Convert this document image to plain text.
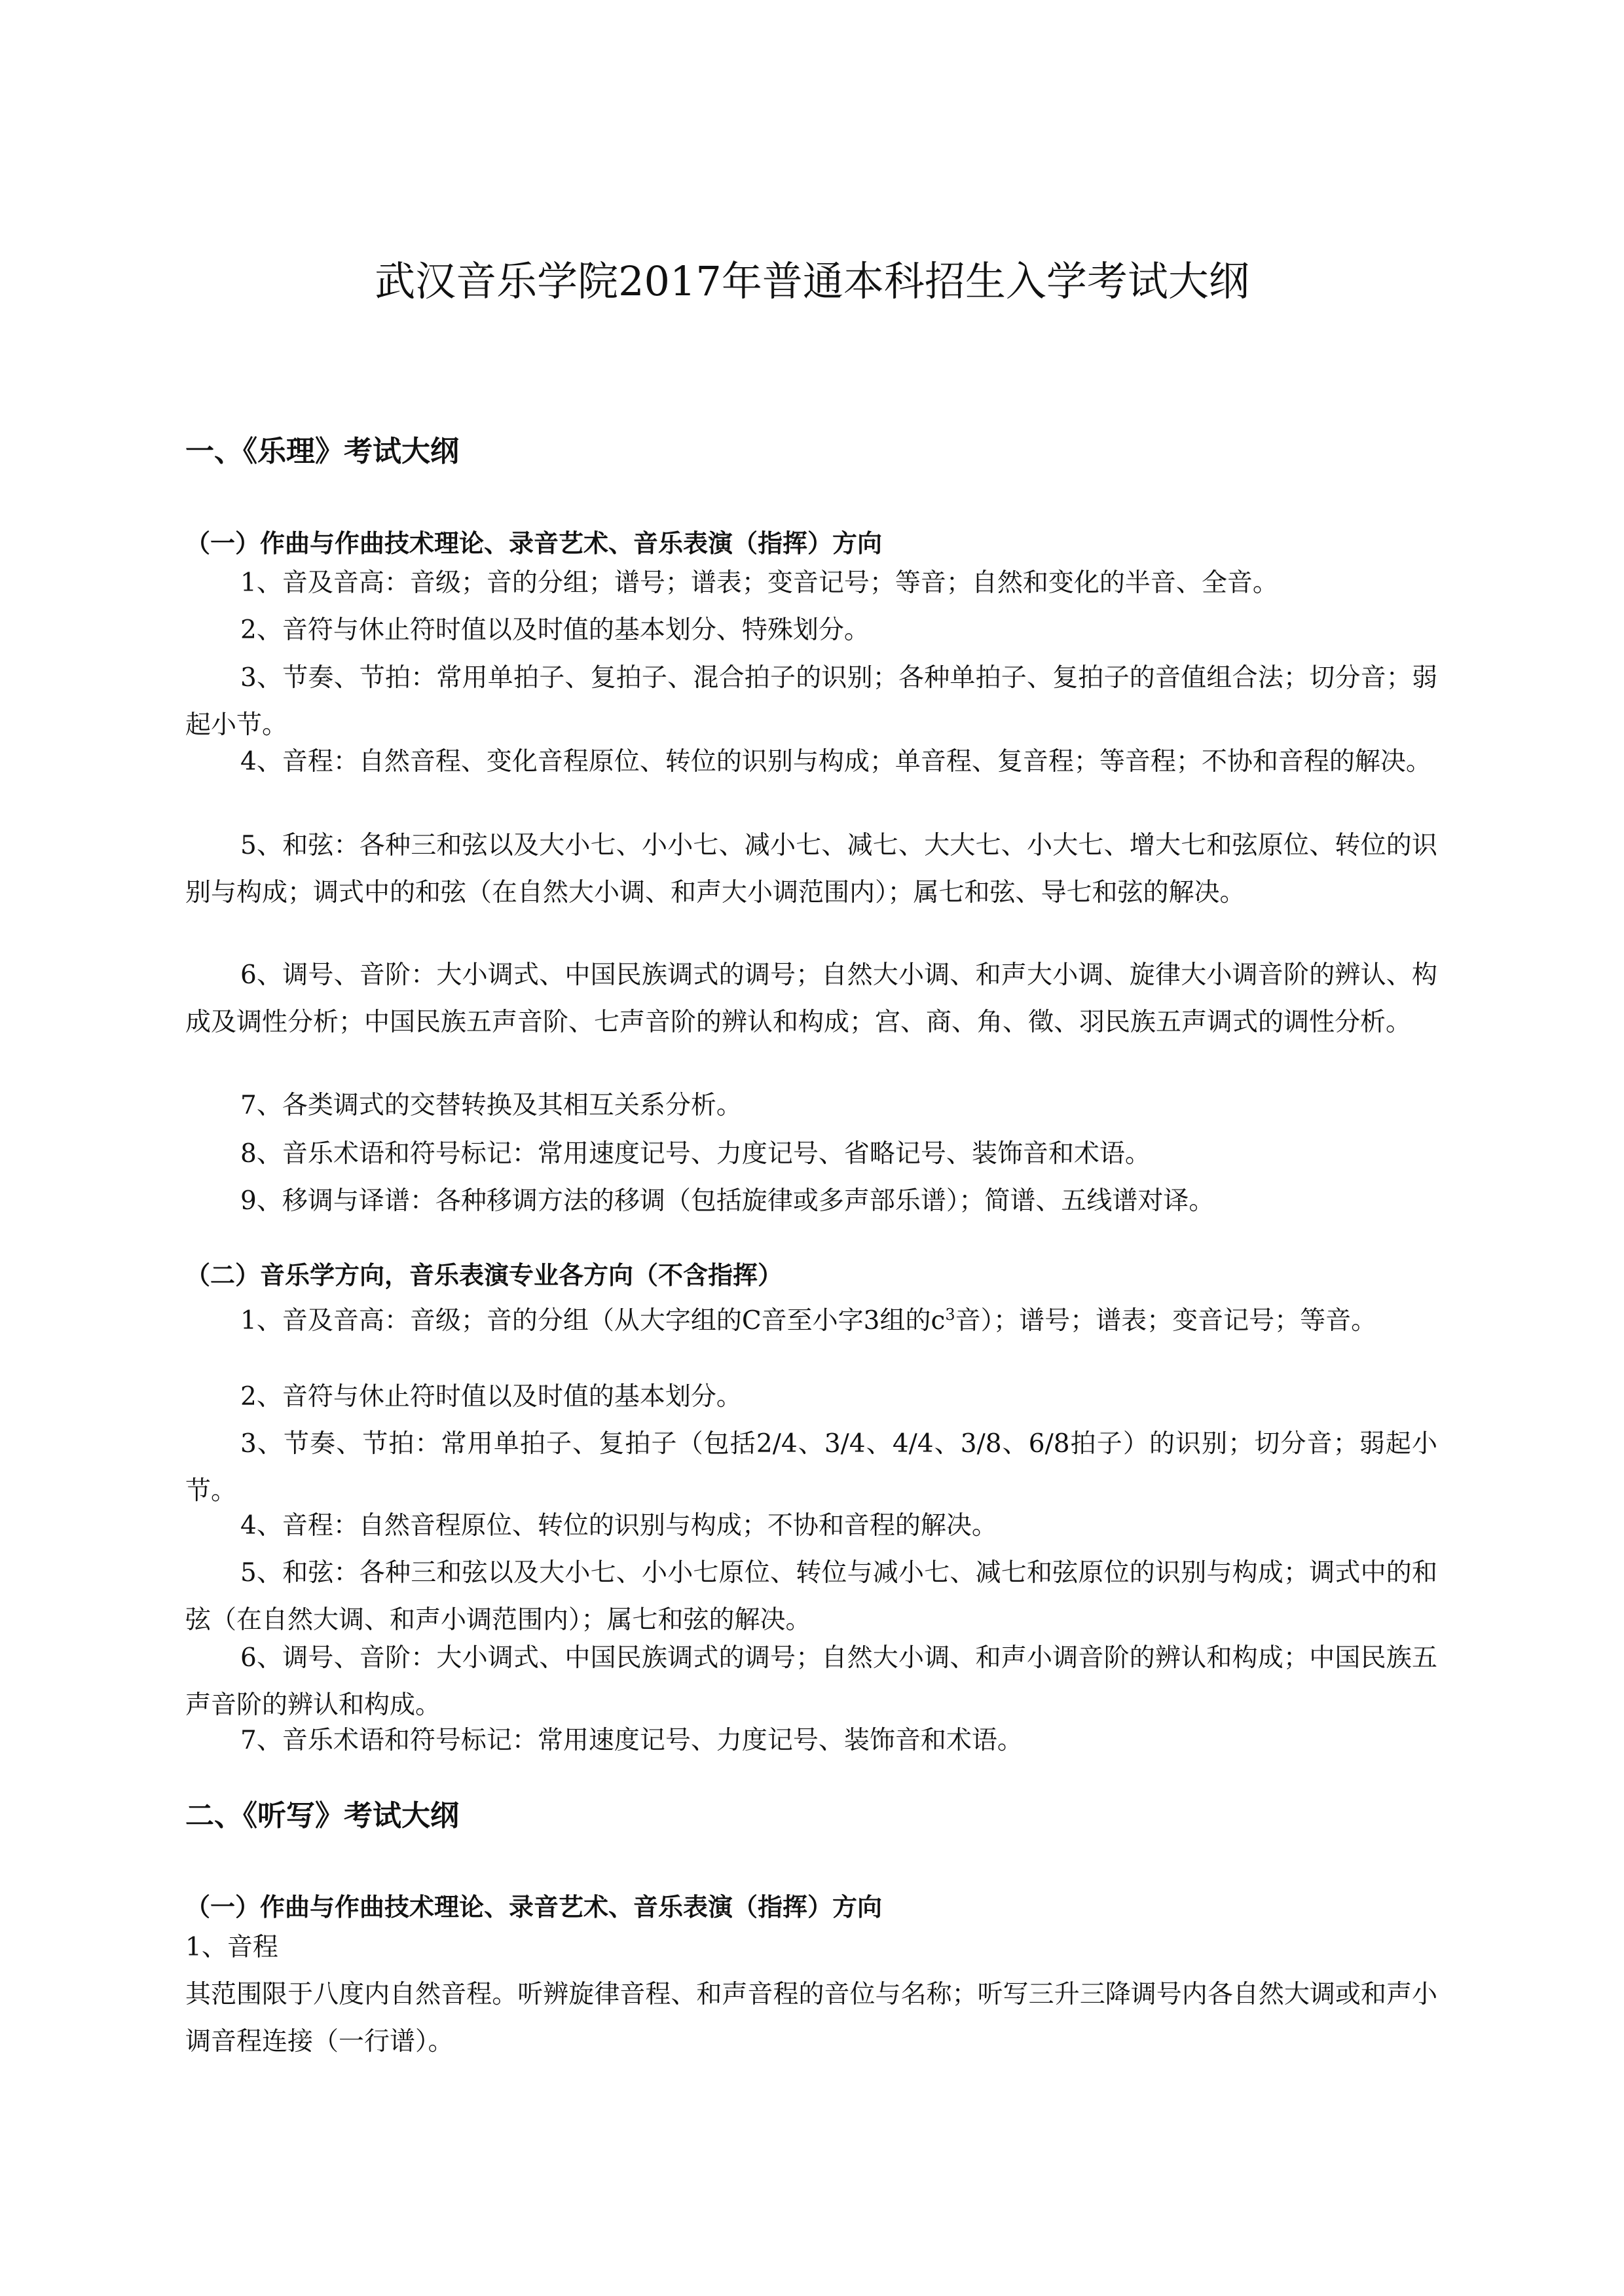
武汉音乐学院2017年普通本科招生入学考试大纲
一、《乐理》考试大纲
（一）作曲与作曲技术理论、录音艺术、音乐表演（指挥）方向
1、音及音高：音级；音的分组；谱号；谱表；变音记号；等音；自然和变化的半音、全音。
2、音符与休止符时值以及时值的基本划分、特殊划分。
3、节奏、节拍：常用单拍子、复拍子、混合拍子的识别；各种单拍子、复拍子的音值组合法；切分音；弱起小节。
4、音程：自然音程、变化音程原位、转位的识别与构成；单音程、复音程；等音程；不协和音程的解决。
5、和弦：各种三和弦以及大小七、小小七、减小七、减七、大大七、小大七、增大七和弦原位、转位的识别与构成；调式中的和弦（在自然大小调、和声大小调范围内）；属七和弦、导七和弦的解决。
6、调号、音阶：大小调式、中国民族调式的调号；自然大小调、和声大小调、旋律大小调音阶的辨认、构成及调性分析；中国民族五声音阶、七声音阶的辨认和构成；宫、商、角、徵、羽民族五声调式的调性分析。
7、各类调式的交替转换及其相互关系分析。
8、音乐术语和符号标记：常用速度记号、力度记号、省略记号、装饰音和术语。
9、移调与译谱：各种移调方法的移调（包括旋律或多声部乐谱）；简谱、五线谱对译。
（二）音乐学方向，音乐表演专业各方向（不含指挥）
1、音及音高：音级；音的分组（从大字组的C音至小字3组的$c^3$音）；谱号；谱表；变音记号；等音。
2、音符与休止符时值以及时值的基本划分。
3、节奏、节拍：常用单拍子、复拍子（包括2/4、3/4、4/4、3/8、6/8拍子）的识别；切分音；弱起小节。
4、音程：自然音程原位、转位的识别与构成；不协和音程的解决。
5、和弦：各种三和弦以及大小七、小小七原位、转位与减小七、减七和弦原位的识别与构成；调式中的和弦（在自然大调、和声小调范围内）；属七和弦的解决。
6、调号、音阶：大小调式、中国民族调式的调号；自然大小调、和声小调音阶的辨认和构成；中国民族五声音阶的辨认和构成。
7、音乐术语和符号标记：常用速度记号、力度记号、装饰音和术语。
二、《听写》考试大纲
（一）作曲与作曲技术理论、录音艺术、音乐表演（指挥）方向
1、音程
其范围限于八度内自然音程。听辨旋律音程、和声音程的音位与名称；听写三升三降调号内各自然大调或和声小调音程连接（一行谱）。
